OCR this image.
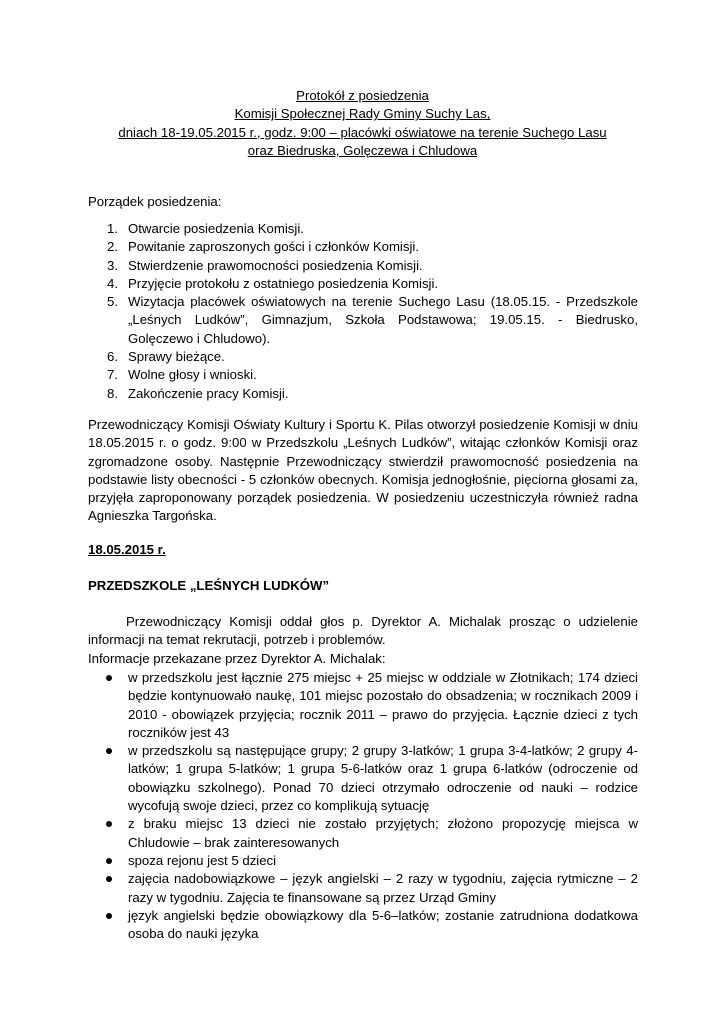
Protokół z posiedzenia
Komisji Społecznej Rady Gminy Suchy Las,
dniach 18-19.05.2015 r., godz. 9:00 – placówki oświatowe na terenie Suchego Lasu
oraz Biedruska, Golęczewa i Chludowa
Porządek posiedzenia:
1. Otwarcie posiedzenia Komisji.
2. Powitanie zaproszonych gości i członków Komisji.
3. Stwierdzenie prawomocności posiedzenia Komisji.
4. Przyjęcie protokołu z ostatniego posiedzenia Komisji.
5. Wizytacja placówek oświatowych na terenie Suchego Lasu (18.05.15. - Przedszkole „Leśnych Ludków”, Gimnazjum, Szkoła Podstawowa; 19.05.15. - Biedrusko, Golęczewo i Chludowo).
6. Sprawy bieżące.
7. Wolne głosy i wnioski.
8. Zakończenie pracy Komisji.
Przewodniczący Komisji Oświaty Kultury i Sportu K. Pilas otworzył posiedzenie Komisji w dniu 18.05.2015 r. o godz. 9:00 w Przedszkolu „Leśnych Ludków”, witając członków Komisji oraz zgromadzone osoby. Następnie Przewodniczący stwierdził prawomocność posiedzenia na podstawie listy obecności - 5 członków obecnych. Komisja jednogłośnie, pięciorna głosami za, przyjęła zaproponowany porządek posiedzenia. W posiedzeniu uczestniczyła również radna Agnieszka Targońska.
18.05.2015 r.
PRZEDSZKOLE „LEŚNYCH LUDKÓW”
Przewodniczący Komisji oddał głos p. Dyrektor A. Michalak prosząc o udzielenie informacji na temat rekrutacji, potrzeb i problemów.
Informacje przekazane przez Dyrektor A. Michalak:
w przedszkolu jest łącznie 275 miejsc + 25 miejsc w oddziale w Złotnikach; 174 dzieci będzie kontynuowało naukę, 101 miejsc pozostało do obsadzenia; w rocznikach 2009 i 2010 - obowiązek przyjęcia; rocznik 2011 – prawo do przyjęcia. Łącznie dzieci z tych roczników jest 43
w przedszkolu są następujące grupy; 2 grupy 3-latków; 1 grupa 3-4-latków; 2 grupy 4-latków; 1 grupa 5-latków; 1 grupa 5-6-latków oraz 1 grupa 6-latków (odroczenie od obowiązku szkolnego). Ponad 70 dzieci otrzymało odroczenie od nauki – rodzice wycofują swoje dzieci, przez co komplikują sytuację
z braku miejsc 13 dzieci nie zostało przyjętych; złożono propozycję miejsca w Chludowie – brak zainteresowanych
spoza rejonu jest 5 dzieci
zajęcia nadobowiązkowe – język angielski – 2 razy w tygodniu, zajęcia rytmiczne – 2 razy w tygodniu. Zajęcia te finansowane są przez Urząd Gminy
język angielski będzie obowiązkowy dla 5-6–latków; zostanie zatrudniona dodatkowa osoba do nauki języka
